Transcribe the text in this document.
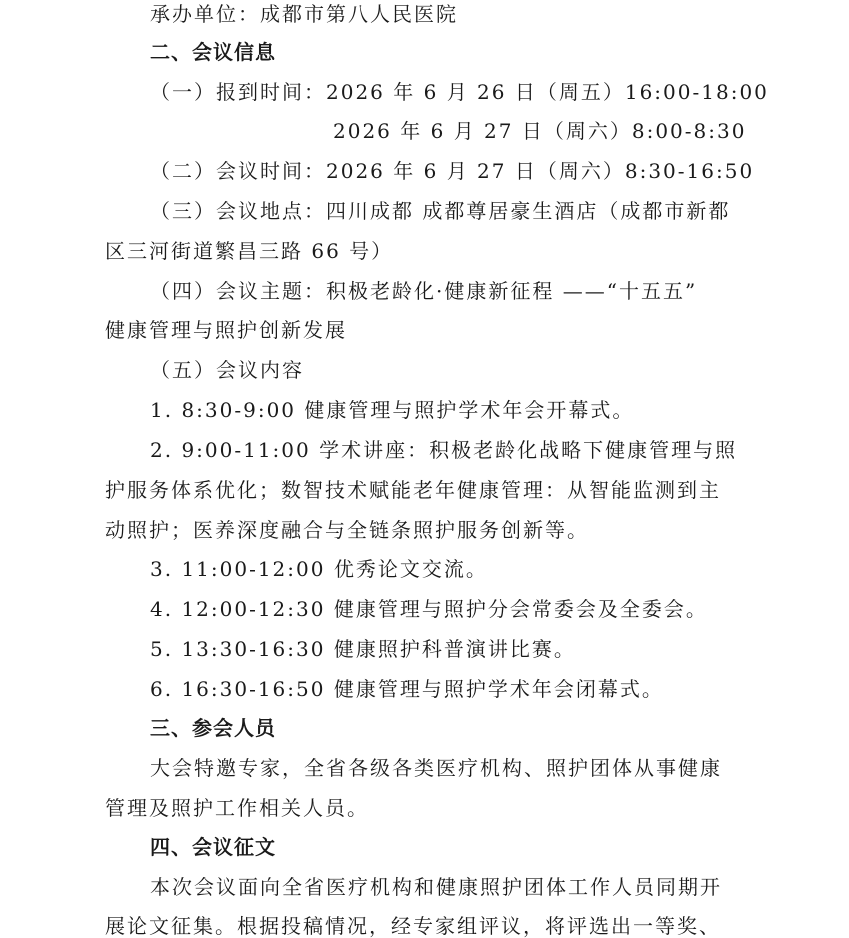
承办单位：成都市第八人民医院
二、会议信息
（一）报到时间：2026 年 6 月 26 日（周五）16:00-18:00
2026 年 6 月 27 日（周六）8:00-8:30
（二）会议时间：2026 年 6 月 27 日（周六）8:30-16:50
（三）会议地点：四川成都 成都尊居豪生酒店（成都市新都
区三河街道繁昌三路 66 号）
（四）会议主题：积极老龄化·健康新征程 ——“十五五”
健康管理与照护创新发展
（五）会议内容
1. 8:30-9:00 健康管理与照护学术年会开幕式。
2. 9:00-11:00 学术讲座：积极老龄化战略下健康管理与照
护服务体系优化；数智技术赋能老年健康管理：从智能监测到主
动照护；医养深度融合与全链条照护服务创新等。
3. 11:00-12:00 优秀论文交流。
4. 12:00-12:30 健康管理与照护分会常委会及全委会。
5. 13:30-16:30 健康照护科普演讲比赛。
6. 16:30-16:50 健康管理与照护学术年会闭幕式。
三、参会人员
大会特邀专家，全省各级各类医疗机构、照护团体从事健康
管理及照护工作相关人员。
四、会议征文
本次会议面向全省医疗机构和健康照护团体工作人员同期开
展论文征集。根据投稿情况，经专家组评议，将评选出一等奖、
